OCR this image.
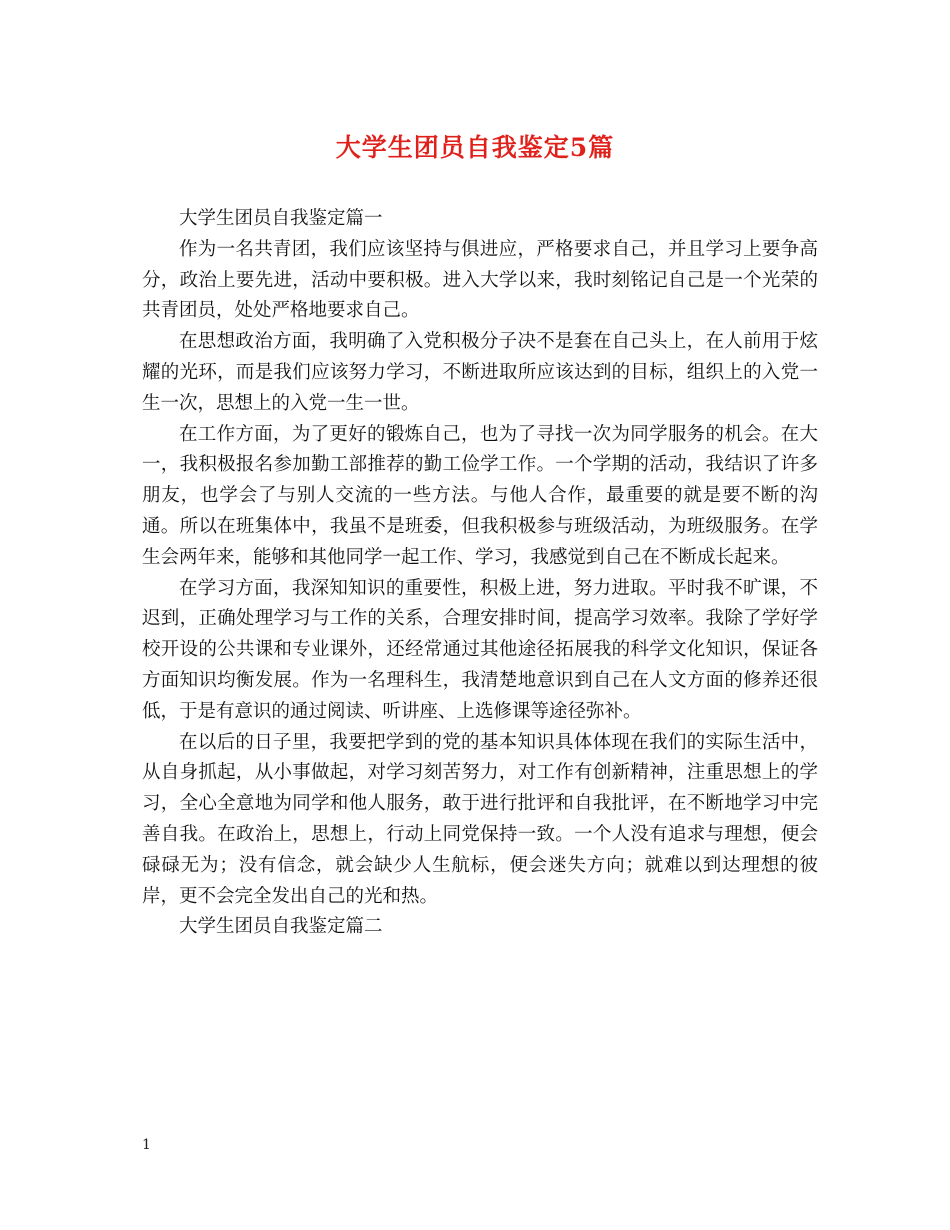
大学生团员自我鉴定5篇

大学生团员自我鉴定篇一

作为一名共青团，我们应该坚持与俱进应，严格要求自己，并且学习上要争高分，政治上要先进，活动中要积极。进入大学以来，我时刻铭记自己是一个光荣的共青团员，处处严格地要求自己。

在思想政治方面，我明确了入党积极分子决不是套在自己头上，在人前用于炫耀的光环，而是我们应该努力学习，不断进取所应该达到的目标，组织上的入党一生一次，思想上的入党一生一世。

在工作方面，为了更好的锻炼自己，也为了寻找一次为同学服务的机会。在大一，我积极报名参加勤工部推荐的勤工俭学工作。一个学期的活动，我结识了许多朋友，也学会了与别人交流的一些方法。与他人合作，最重要的就是要不断的沟通。所以在班集体中，我虽不是班委，但我积极参与班级活动，为班级服务。在学生会两年来，能够和其他同学一起工作、学习，我感觉到自己在不断成长起来。

在学习方面，我深知知识的重要性，积极上进，努力进取。平时我不旷课，不迟到，正确处理学习与工作的关系，合理安排时间，提高学习效率。我除了学好学校开设的公共课和专业课外，还经常通过其他途径拓展我的科学文化知识，保证各方面知识均衡发展。作为一名理科生，我清楚地意识到自己在人文方面的修养还很低，于是有意识的通过阅读、听讲座、上选修课等途径弥补。

在以后的日子里，我要把学到的党的基本知识具体体现在我们的实际生活中，从自身抓起，从小事做起，对学习刻苦努力，对工作有创新精神，注重思想上的学习，全心全意地为同学和他人服务，敢于进行批评和自我批评，在不断地学习中完善自我。在政治上，思想上，行动上同党保持一致。一个人没有追求与理想，便会碌碌无为；没有信念，就会缺少人生航标，便会迷失方向；就难以到达理想的彼岸，更不会完全发出自己的光和热。

大学生团员自我鉴定篇二

1
